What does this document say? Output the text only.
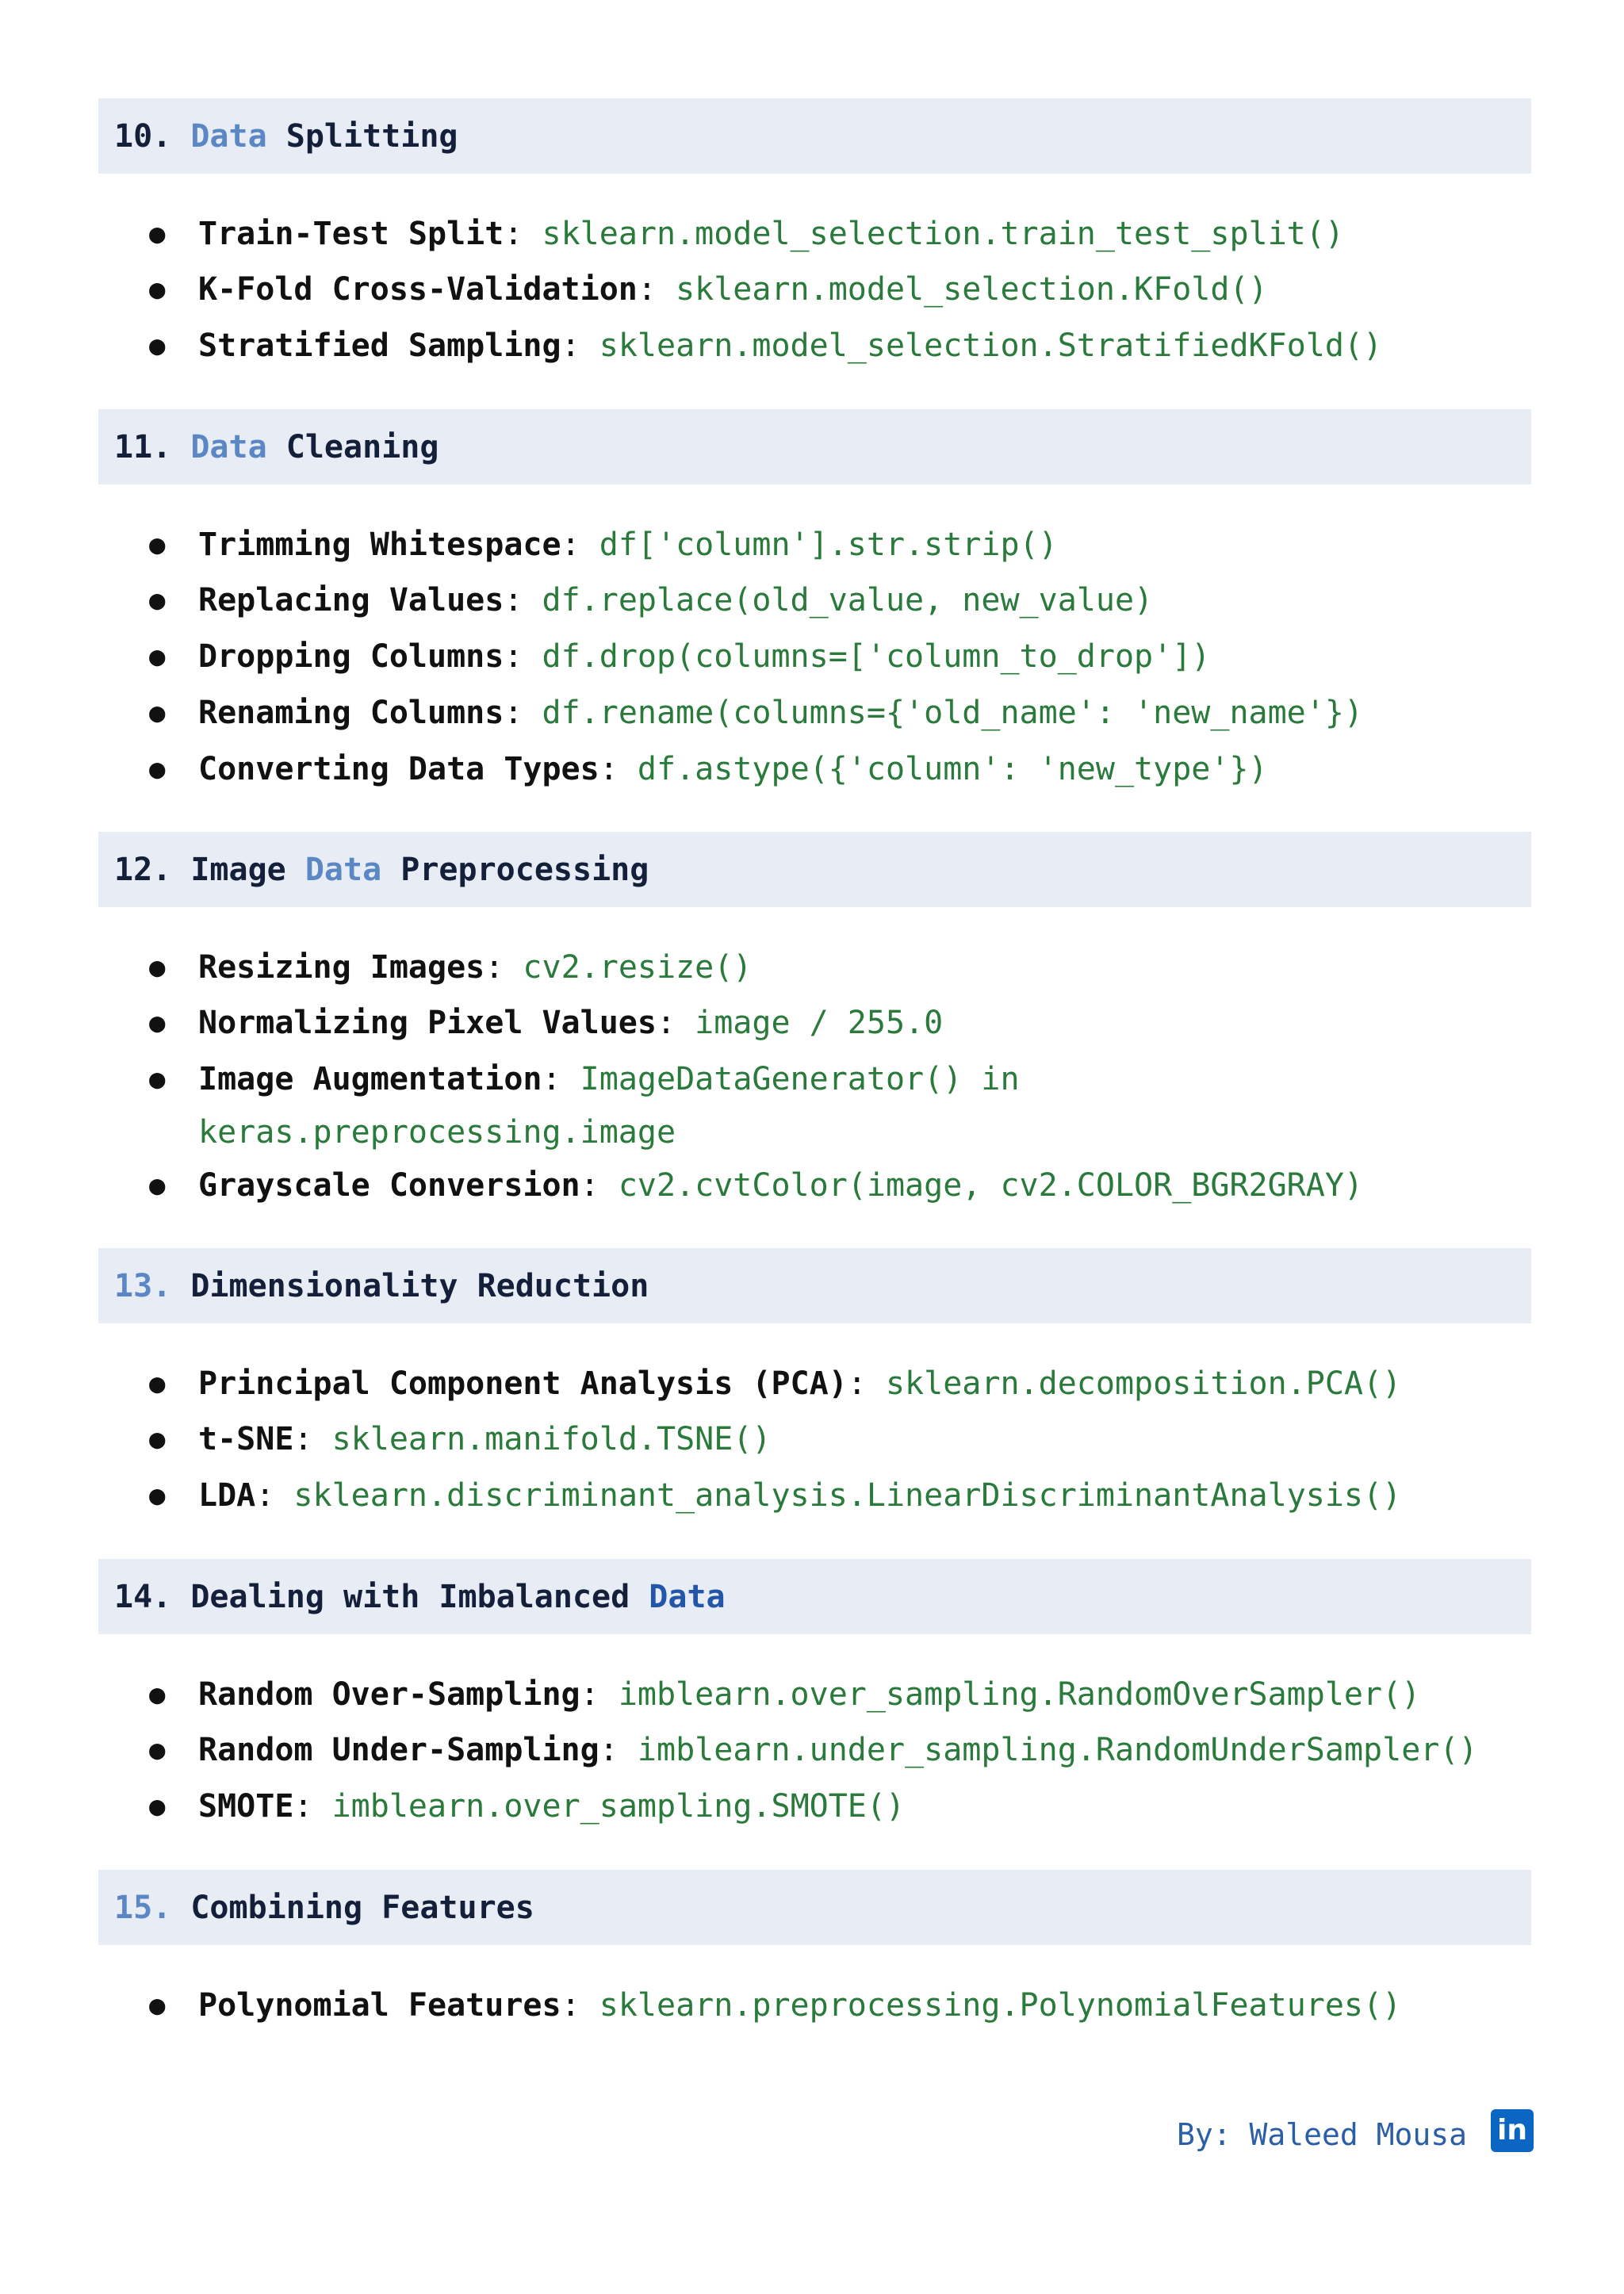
10. Data Splitting
● Train-Test Split: sklearn.model_selection.train_test_split()
● K-Fold Cross-Validation: sklearn.model_selection.KFold()
● Stratified Sampling: sklearn.model_selection.StratifiedKFold()
11. Data Cleaning
● Trimming Whitespace: df['column'].str.strip()
● Replacing Values: df.replace(old_value, new_value)
● Dropping Columns: df.drop(columns=['column_to_drop'])
● Renaming Columns: df.rename(columns={'old_name': 'new_name'})
● Converting Data Types: df.astype({'column': 'new_type'})
12. Image Data Preprocessing
● Resizing Images: cv2.resize()
● Normalizing Pixel Values: image / 255.0
● Image Augmentation: ImageDataGenerator() in keras.preprocessing.image
● Grayscale Conversion: cv2.cvtColor(image, cv2.COLOR_BGR2GRAY)
13. Dimensionality Reduction
● Principal Component Analysis (PCA): sklearn.decomposition.PCA()
● t-SNE: sklearn.manifold.TSNE()
● LDA: sklearn.discriminant_analysis.LinearDiscriminantAnalysis()
14. Dealing with Imbalanced Data
● Random Over-Sampling: imblearn.over_sampling.RandomOverSampler()
● Random Under-Sampling: imblearn.under_sampling.RandomUnderSampler()
● SMOTE: imblearn.over_sampling.SMOTE()
15. Combining Features
● Polynomial Features: sklearn.preprocessing.PolynomialFeatures()
By: Waleed Mousa in
